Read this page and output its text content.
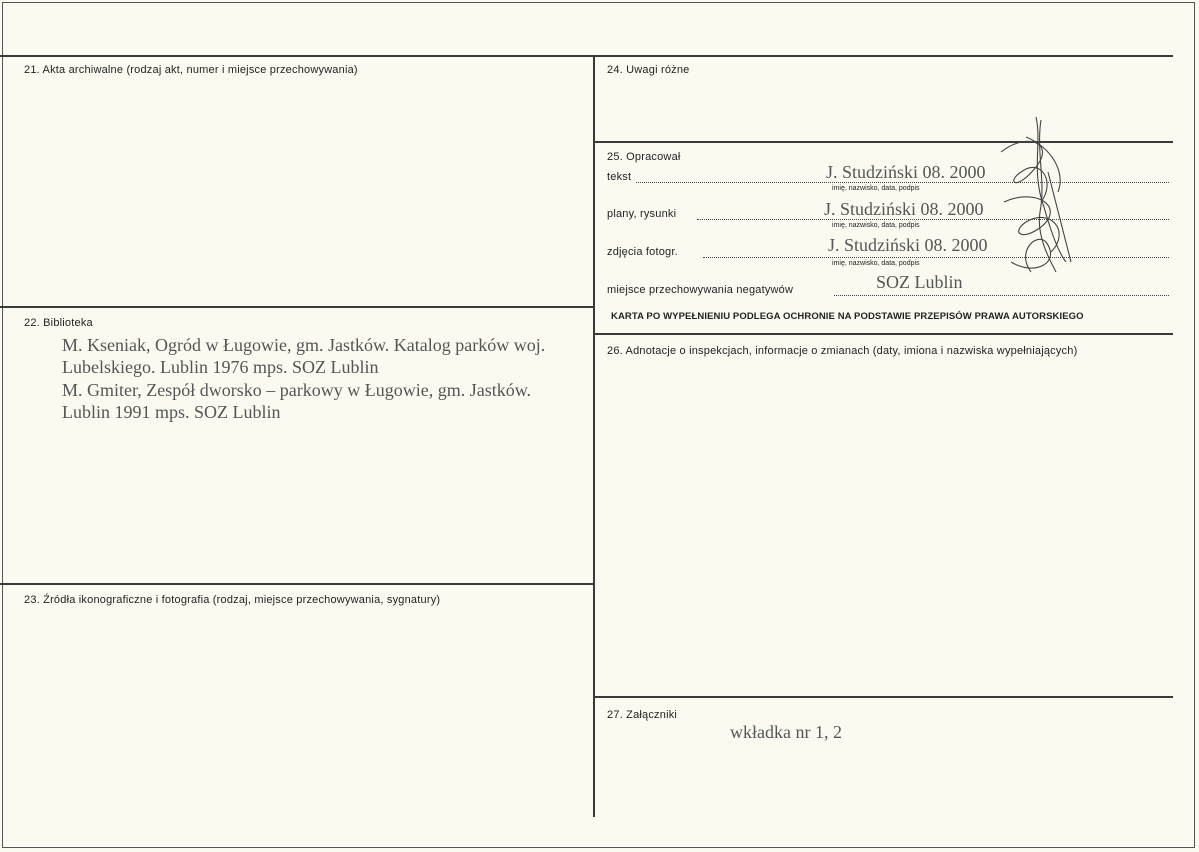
21. Akta archiwalne (rodzaj akt, numer i miejsce przechowywania)
22. Biblioteka
M. Kseniak, Ogród w Ługowie, gm. Jastków. Katalog parków woj.
Lubelskiego. Lublin 1976 mps. SOZ Lublin
M. Gmiter, Zespół dworsko – parkowy w Ługowie, gm. Jastków.
Lublin 1991 mps. SOZ Lublin
23. Źródła ikonograficzne i fotografia (rodzaj, miejsce przechowywania, sygnatury)
24. Uwagi różne
25. Opracował
tekst	J. Studziński 08. 2000
imię, nazwisko, data, podpis
plany, rysunki	J. Studziński 08. 2000
imię, nazwisko, data, podpis
zdjęcia fotogr.	J. Studziński 08. 2000
imię, nazwisko, data, podpis
miejsce przechowywania negatywów	SOZ Lublin
KARTA PO WYPEŁNIENIU PODLEGA OCHRONIE NA PODSTAWIE PRZEPISÓW PRAWA AUTORSKIEGO
26. Adnotacje o inspekcjach, informacje o zmianach (daty, imiona i nazwiska wypełniających)
27. Załączniki
wkładka nr 1, 2
